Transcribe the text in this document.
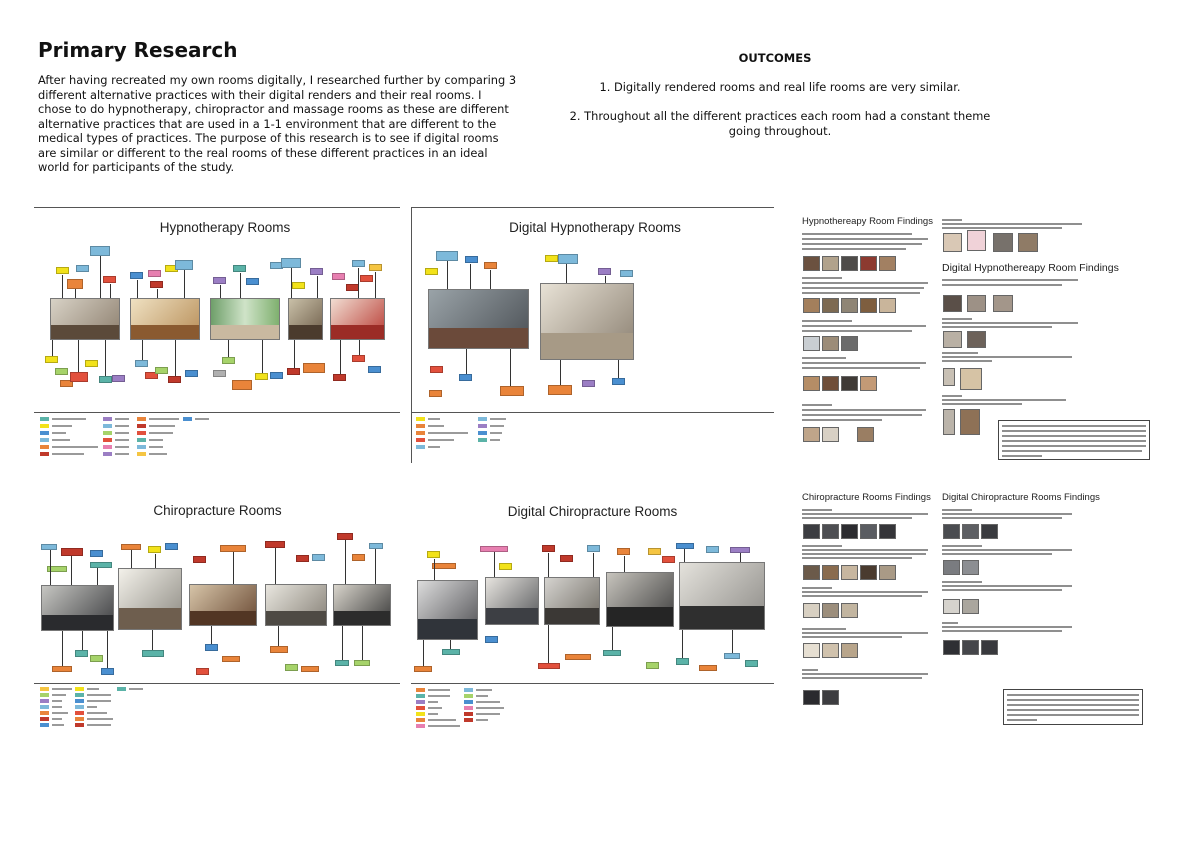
Primary Research

After having recreated my own rooms digitally, I researched further by comparing 3 different alternative practices with their digital renders and their real rooms. I chose to do hypnotherapy, chiropractor and massage rooms as these are different alternative practices that are used in a 1-1 environment that are different to the medical types of practices. The purpose of this research is to see if digital rooms are similar or different to the real rooms of these different practices in an ideal world for participants of the study.

OUTCOMES
1. Digitally rendered rooms and real life rooms are very similar.
2. Throughout all the different practices each room had a constant theme going throughout.
Hypnotherapy Rooms	Digital Hypnotherapy Rooms
Chiropracture Rooms	Digital Chiropracture Rooms
Hypnothereapy Room Findings
Digital Hypnothereapy Room Findings
Chiropracture Rooms Findings Digital Chiropracture Rooms Findings
